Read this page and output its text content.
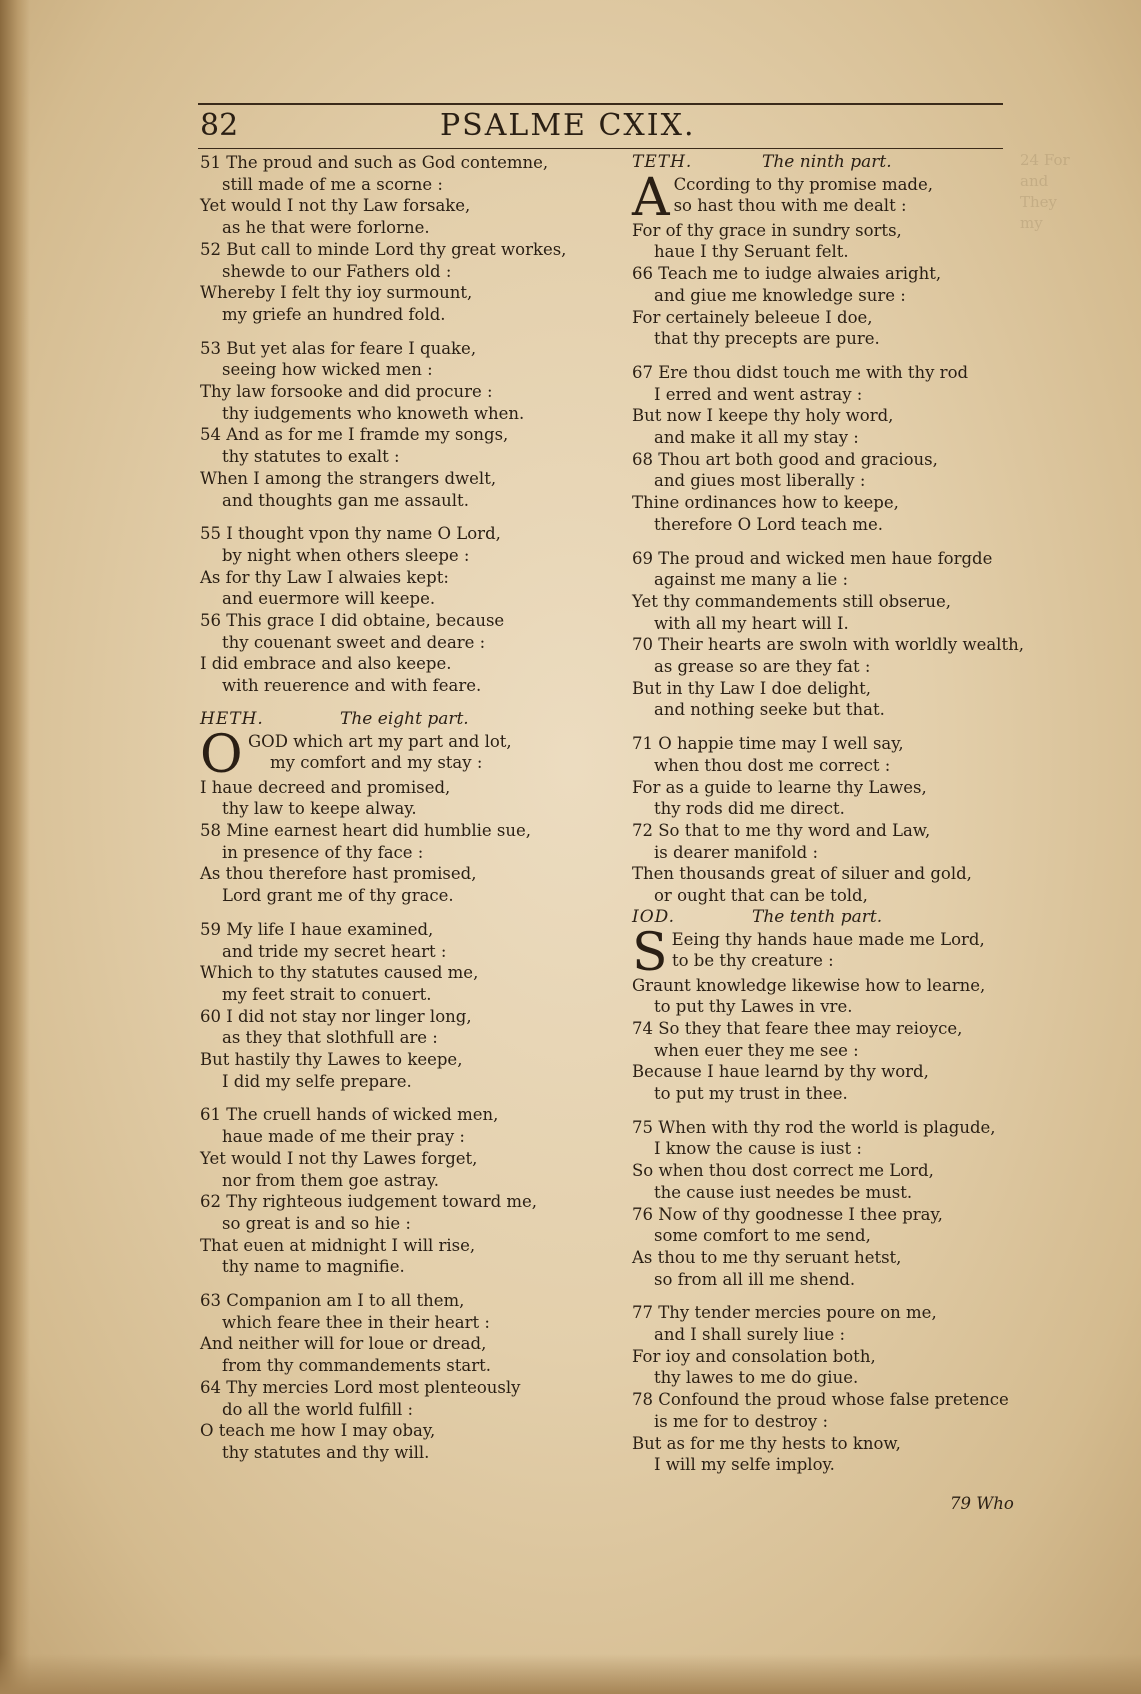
82	PSALME CXIX.
24 For
and
They
my
51 The proud and such as God contemne,
still made of me a scorne :
Yet would I not thy Law forsake,
as he that were forlorne.
52 But call to minde Lord thy great workes,
shewde to our Fathers old :
Whereby I felt thy ioy surmount,
my griefe an hundred fold.
53 But yet alas for feare I quake,
seeing how wicked men :
Thy law forsooke and did procure :
thy iudgements who knoweth when.
54 And as for me I framde my songs,
thy statutes to exalt :
When I among the strangers dwelt,
and thoughts gan me assault.
55 I thought vpon thy name O Lord,
by night when others sleepe :
As for thy Law I alwaies kept:
and euermore will keepe.
56 This grace I did obtaine, because
thy couenant sweet and deare :
I did embrace and also keepe.
with reuerence and with feare.
HETH.	The eight part.
O GOD which art my part and lot,
my comfort and my stay :
I haue decreed and promised,
thy law to keepe alway.
58 Mine earnest heart did humblie sue,
in presence of thy face :
As thou therefore hast promised,
Lord grant me of thy grace.
59 My life I haue examined,
and tride my secret heart :
Which to thy statutes caused me,
my feet strait to conuert.
60 I did not stay nor linger long,
as they that slothfull are :
But hastily thy Lawes to keepe,
I did my selfe prepare.
61 The cruell hands of wicked men,
haue made of me their pray :
Yet would I not thy Lawes forget,
nor from them goe astray.
62 Thy righteous iudgement toward me,
so great is and so hie :
That euen at midnight I will rise,
thy name to magnifie.
63 Companion am I to all them,
which feare thee in their heart :
And neither will for loue or dread,
from thy commandements start.
64 Thy mercies Lord most plenteously
do all the world fulfill :
O teach me how I may obay,
thy statutes and thy will.
TETH.	The ninth part.
A Ccording to thy promise made,
so hast thou with me dealt :
For of thy grace in sundry sorts,
haue I thy Seruant felt.
66 Teach me to iudge alwaies aright,
and giue me knowledge sure :
For certainely beleeue I doe,
that thy precepts are pure.
67 Ere thou didst touch me with thy rod
I erred and went astray :
But now I keepe thy holy word,
and make it all my stay :
68 Thou art both good and gracious,
and giues most liberally :
Thine ordinances how to keepe,
therefore O Lord teach me.
69 The proud and wicked men haue forgde
against me many a lie :
Yet thy commandements still obserue,
with all my heart will I.
70 Their hearts are swoln with worldly wealth,
as grease so are they fat :
But in thy Law I doe delight,
and nothing seeke but that.
71 O happie time may I well say,
when thou dost me correct :
For as a guide to learne thy Lawes,
thy rods did me direct.
72 So that to me thy word and Law,
is dearer manifold :
Then thousands great of siluer and gold,
or ought that can be told,
IOD.	The tenth part.
S Eeing thy hands haue made me Lord,
to be thy creature :
Graunt knowledge likewise how to learne,
to put thy Lawes in vre.
74 So they that feare thee may reioyce,
when euer they me see :
Because I haue learnd by thy word,
to put my trust in thee.
75 When with thy rod the world is plagude,
I know the cause is iust :
So when thou dost correct me Lord,
the cause iust needes be must.
76 Now of thy goodnesse I thee pray,
some comfort to me send,
As thou to me thy seruant hetst,
so from all ill me shend.
77 Thy tender mercies poure on me,
and I shall surely liue :
For ioy and consolation both,
thy lawes to me do giue.
78 Confound the proud whose false pretence
is me for to destroy :
But as for me thy hests to know,
I will my selfe imploy.
79 Who
